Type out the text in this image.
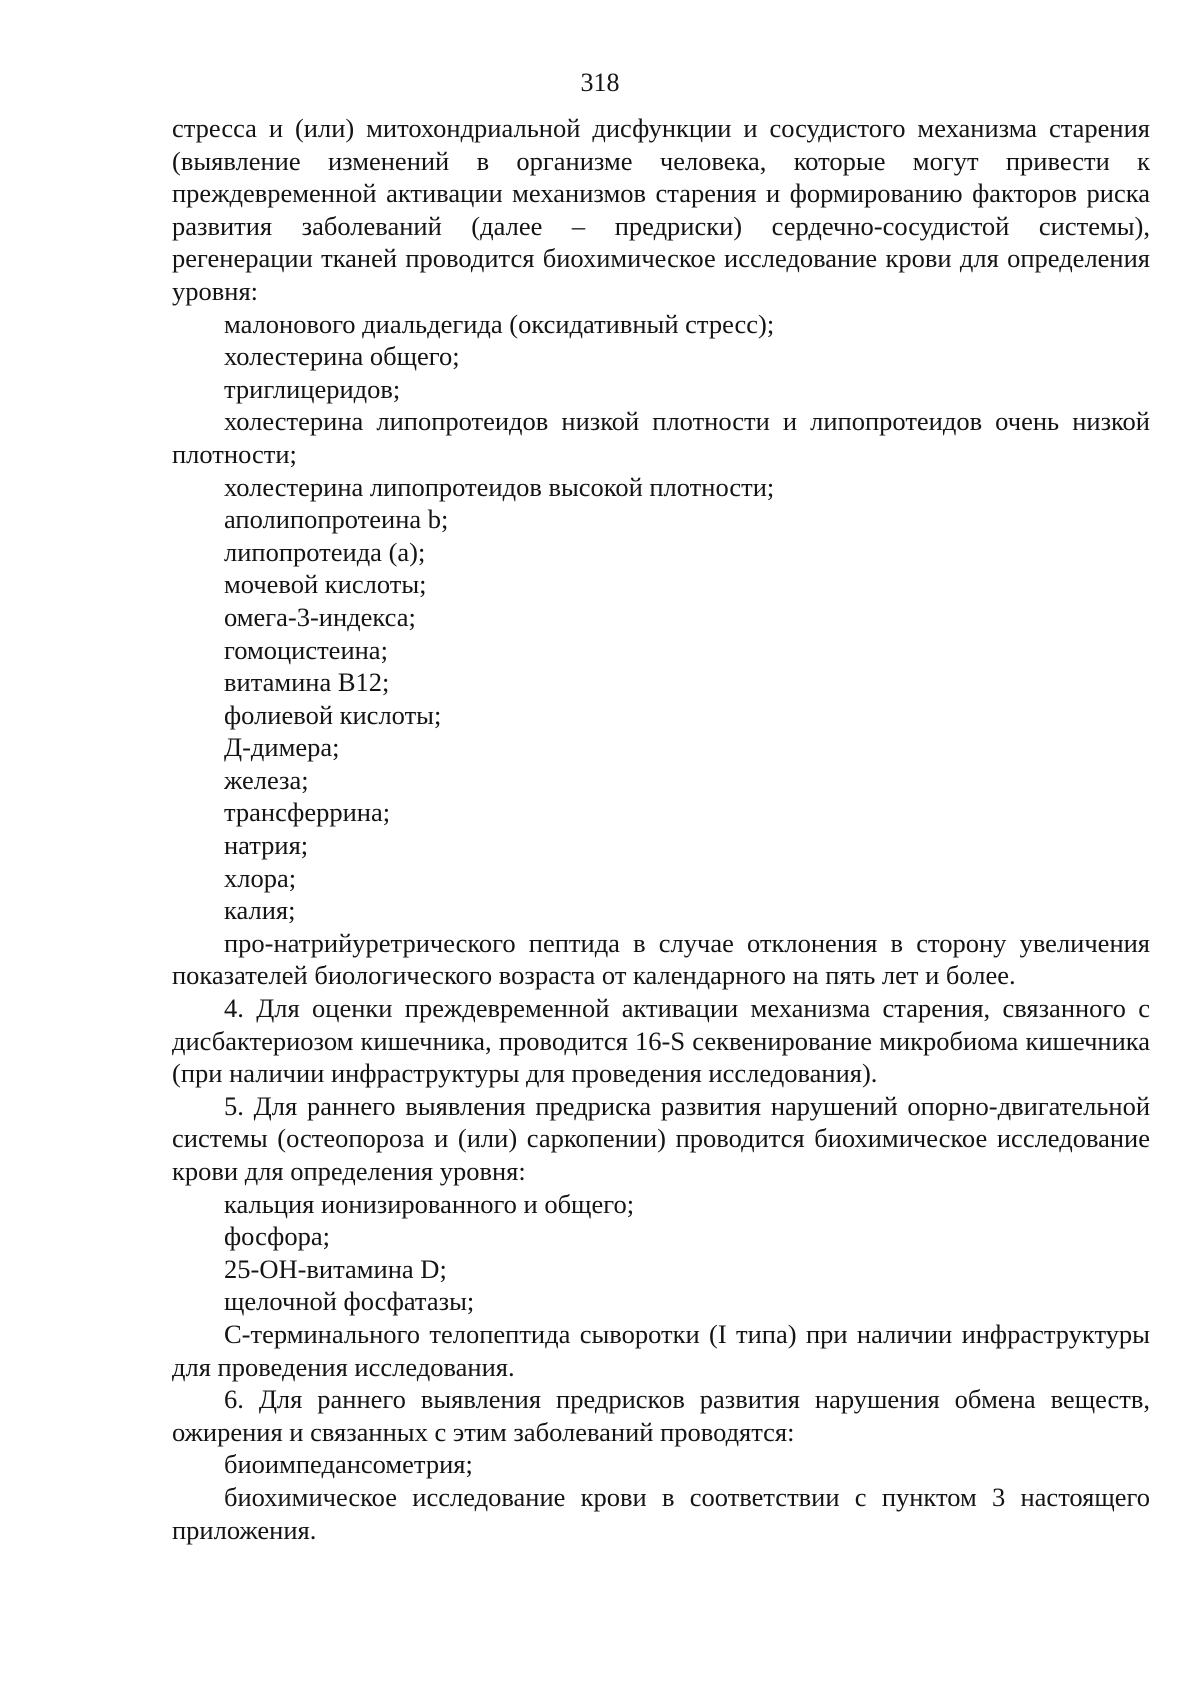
318

стресса и (или) митохондриальной дисфункции и сосудистого механизма старения (выявление изменений в организме человека, которые могут привести к преждевременной активации механизмов старения и формированию факторов риска развития заболеваний (далее – предриски) сердечно-сосудистой системы), регенерации тканей проводится биохимическое исследование крови для определения уровня:

малонового диальдегида (оксидативный стресс);

холестерина общего;

триглицеридов;

холестерина липопротеидов низкой плотности и липопротеидов очень низкой плотности;

холестерина липопротеидов высокой плотности;

аполипопротеина b;

липопротеида (а);

мочевой кислоты;

омега-3-индекса;

гомоцистеина;

витамина B12;

фолиевой кислоты;

Д-димера;

железа;

трансферрина;

натрия;

хлора;

калия;

про-натрийуретрического пептида в случае отклонения в сторону увеличения показателей биологического возраста от календарного на пять лет и более.

4. Для оценки преждевременной активации механизма старения, связанного с дисбактериозом кишечника, проводится 16-S секвенирование микробиома кишечника (при наличии инфраструктуры для проведения исследования).

5. Для раннего выявления предриска развития нарушений опорно-двигательной системы (остеопороза и (или) саркопении) проводится биохимическое исследование крови для определения уровня:

кальция ионизированного и общего;

фосфора;

25-OH-витамина D;

щелочной фосфатазы;

C-терминального телопептида сыворотки (I типа) при наличии инфраструктуры для проведения исследования.

6. Для раннего выявления предрисков развития нарушения обмена веществ, ожирения и связанных с этим заболеваний проводятся:

биоимпедансометрия;

биохимическое исследование крови в соответствии с пунктом 3 настоящего приложения.
